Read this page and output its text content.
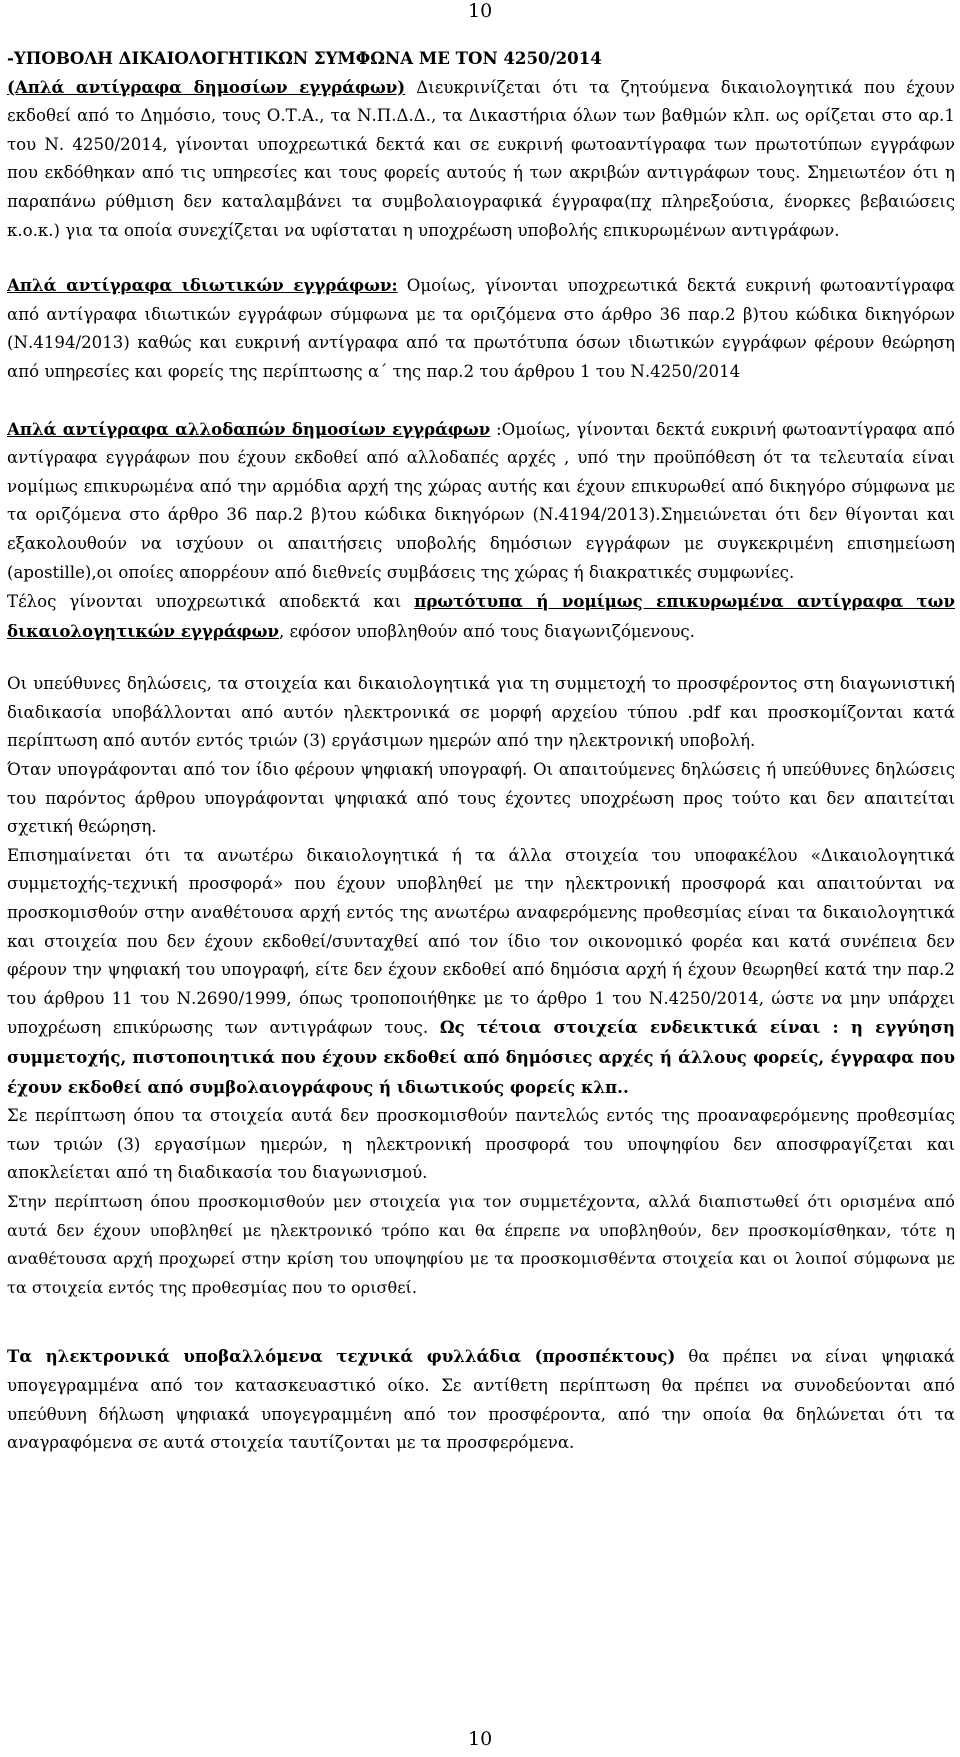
10

-ΥΠΟΒΟΛΗ ΔΙΚΑΙΟΛΟΓΗΤΙΚΩΝ ΣΥΜΦΩΝΑ ΜΕ ΤΟΝ 4250/2014

(Απλά αντίγραφα δημοσίων εγγράφων) Διευκρινίζεται ότι τα ζητούμενα δικαιολογητικά που έχουν εκδοθεί από το Δημόσιο, τους Ο.Τ.Α., τα Ν.Π.Δ.Δ., τα Δικαστήρια όλων των βαθμών κλπ. ως ορίζεται στο αρ.1 του Ν. 4250/2014, γίνονται υποχρεωτικά δεκτά και σε ευκρινή φωτοαντίγραφα των πρωτοτύπων εγγράφων που εκδόθηκαν από τις υπηρεσίες και τους φορείς αυτούς ή των ακριβών αντιγράφων τους. Σημειωτέον ότι η παραπάνω ρύθμιση δεν καταλαμβάνει τα συμβολαιογραφικά έγγραφα(πχ πληρεξούσια, ένορκες βεβαιώσεις κ.ο.κ.) για τα οποία συνεχίζεται να υφίσταται η υποχρέωση υποβολής επικυρωμένων αντιγράφων.

Απλά αντίγραφα ιδιωτικών εγγράφων: Ομοίως, γίνονται υποχρεωτικά δεκτά ευκρινή φωτοαντίγραφα από αντίγραφα ιδιωτικών εγγράφων σύμφωνα με τα οριζόμενα στο άρθρο 36 παρ.2 β)του κώδικα δικηγόρων (Ν.4194/2013) καθώς και ευκρινή αντίγραφα από τα πρωτότυπα όσων ιδιωτικών εγγράφων φέρουν θεώρηση από υπηρεσίες και φορείς της περίπτωσης α΄ της παρ.2 του άρθρου 1 του Ν.4250/2014

Απλά αντίγραφα αλλοδαπών δημοσίων εγγράφων :Ομοίως, γίνονται δεκτά ευκρινή φωτοαντίγραφα από αντίγραφα εγγράφων που έχουν εκδοθεί από αλλοδαπές αρχές , υπό την προϋπόθεση ότ τα τελευταία είναι νομίμως επικυρωμένα από την αρμόδια αρχή της χώρας αυτής και έχουν επικυρωθεί από δικηγόρο σύμφωνα με τα οριζόμενα στο άρθρο 36 παρ.2 β)του κώδικα δικηγόρων (Ν.4194/2013).Σημειώνεται ότι δεν θίγονται και εξακολουθούν να ισχύουν οι απαιτήσεις υποβολής δημόσιων εγγράφων με συγκεκριμένη επισημείωση (apostille),οι οποίες απορρέουν από διεθνείς συμβάσεις της χώρας ή διακρατικές συμφωνίες.

Τέλος γίνονται υποχρεωτικά αποδεκτά και πρωτότυπα ή νομίμως επικυρωμένα αντίγραφα των δικαιολογητικών εγγράφων, εφόσον υποβληθούν από τους διαγωνιζόμενους.

Οι υπεύθυνες δηλώσεις, τα στοιχεία και δικαιολογητικά για τη συμμετοχή το προσφέροντος στη διαγωνιστική διαδικασία υποβάλλονται από αυτόν ηλεκτρονικά σε μορφή αρχείου τύπου .pdf και προσκομίζονται κατά περίπτωση από αυτόν εντός τριών (3) εργάσιμων ημερών από την ηλεκτρονική υποβολή.

Όταν υπογράφονται από τον ίδιο φέρουν ψηφιακή υπογραφή. Οι απαιτούμενες δηλώσεις ή υπεύθυνες δηλώσεις του παρόντος άρθρου υπογράφονται ψηφιακά από τους έχοντες υποχρέωση προς τούτο και δεν απαιτείται σχετική θεώρηση.

Επισημαίνεται ότι τα ανωτέρω δικαιολογητικά ή τα άλλα στοιχεία του υποφακέλου «Δικαιολογητικά συμμετοχής-τεχνική προσφορά» που έχουν υποβληθεί με την ηλεκτρονική προσφορά και απαιτούνται να προσκομισθούν στην αναθέτουσα αρχή εντός της ανωτέρω αναφερόμενης προθεσμίας είναι τα δικαιολογητικά και στοιχεία που δεν έχουν εκδοθεί/συνταχθεί από τον ίδιο τον οικονομικό φορέα και κατά συνέπεια δεν φέρουν την ψηφιακή του υπογραφή, είτε δεν έχουν εκδοθεί από δημόσια αρχή ή έχουν θεωρηθεί κατά την παρ.2 του άρθρου 11 του Ν.2690/1999, όπως τροποποιήθηκε με το άρθρο 1 του Ν.4250/2014, ώστε να μην υπάρχει υποχρέωση επικύρωσης των αντιγράφων τους. Ως τέτοια στοιχεία ενδεικτικά είναι : η εγγύηση συμμετοχής, πιστοποιητικά που έχουν εκδοθεί από δημόσιες αρχές ή άλλους φορείς, έγγραφα που έχουν εκδοθεί από συμβολαιογράφους ή ιδιωτικούς φορείς κλπ..

Σε περίπτωση όπου τα στοιχεία αυτά δεν προσκομισθούν παντελώς εντός της προαναφερόμενης προθεσμίας των τριών (3) εργασίμων ημερών, η ηλεκτρονική προσφορά του υποψηφίου δεν αποσφραγίζεται και αποκλείεται από τη διαδικασία του διαγωνισμού.

Στην περίπτωση όπου προσκομισθούν μεν στοιχεία για τον συμμετέχοντα, αλλά διαπιστωθεί ότι ορισμένα από αυτά δεν έχουν υποβληθεί με ηλεκτρονικό τρόπο και θα έπρεπε να υποβληθούν, δεν προσκομίσθηκαν, τότε η αναθέτουσα αρχή προχωρεί στην κρίση του υποψηφίου με τα προσκομισθέντα στοιχεία και οι λοιποί σύμφωνα με τα στοιχεία εντός της προθεσμίας που το ορισθεί.

Τα ηλεκτρονικά υποβαλλόμενα τεχνικά φυλλάδια (προσπέκτους) θα πρέπει να είναι ψηφιακά υπογεγραμμένα από τον κατασκευαστικό οίκο. Σε αντίθετη περίπτωση θα πρέπει να συνοδεύονται από υπεύθυνη δήλωση ψηφιακά υπογεγραμμένη από τον προσφέροντα, από την οποία θα δηλώνεται ότι τα αναγραφόμενα σε αυτά στοιχεία ταυτίζονται με τα προσφερόμενα.

10
